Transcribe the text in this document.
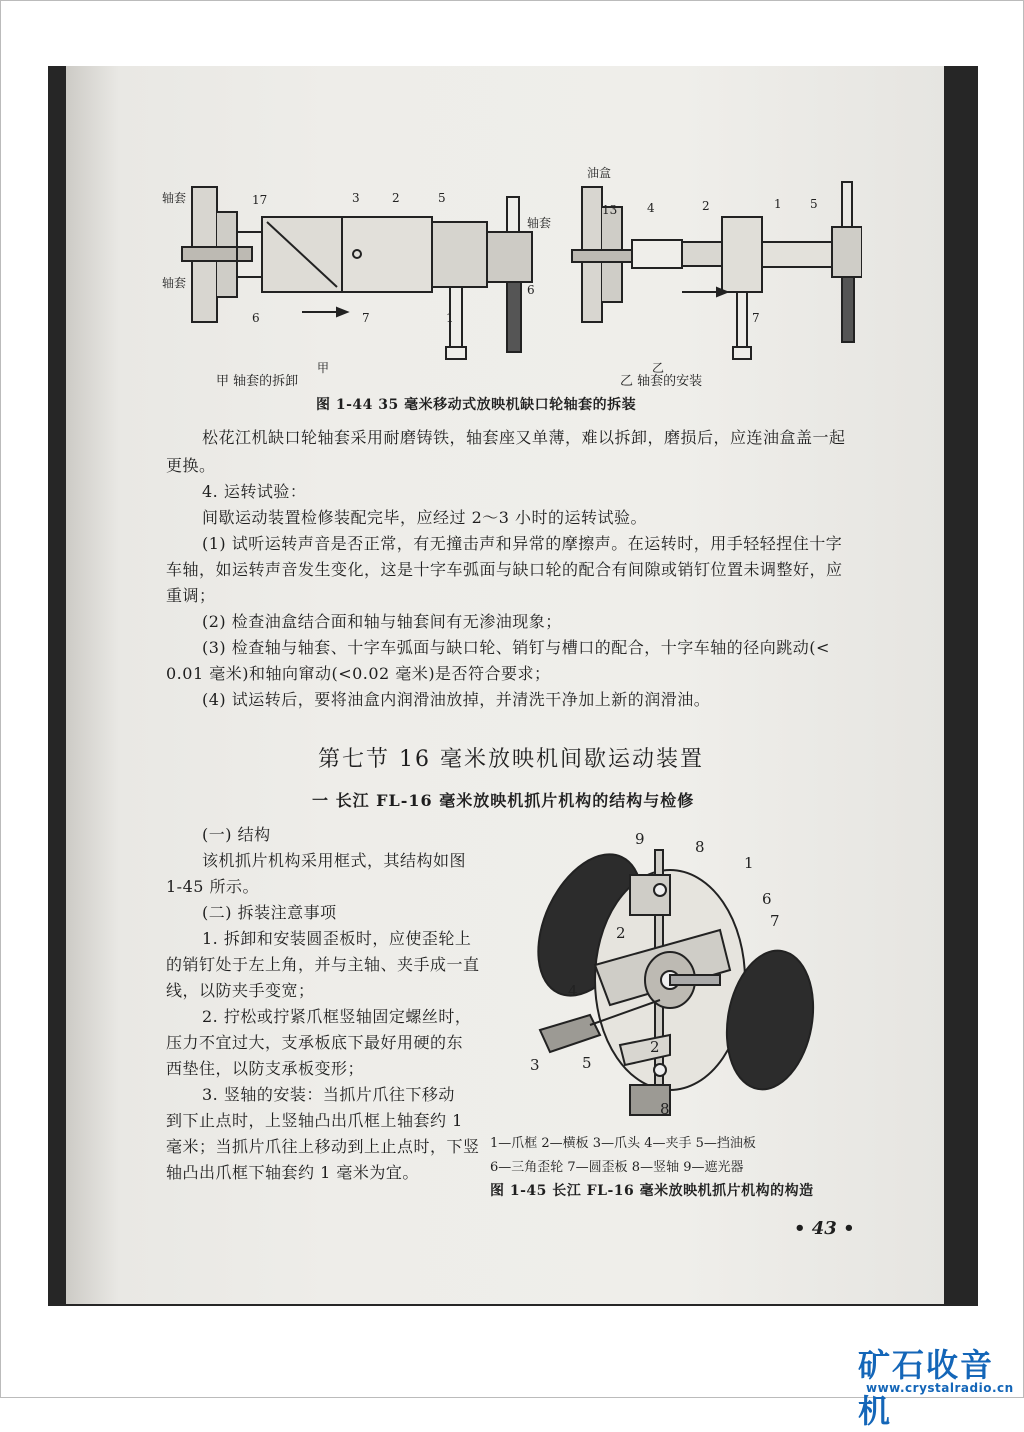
轴套
轴套
17	3	2	5
6	7	1
甲
油盒
轴套
13 4	2	1 5
6
7
乙
甲 轴套的拆卸	乙 轴套的安装
图 1-44 35 毫米移动式放映机缺口轮轴套的拆装
松花江机缺口轮轴套采用耐磨铸铁，轴套座又单薄，难以拆卸，磨损后，应连油盒盖一起
更换。
4. 运转试验：
间歇运动装置检修装配完毕，应经过 2～3 小时的运转试验。
(1) 试听运转声音是否正常，有无撞击声和异常的摩擦声。在运转时，用手轻轻捏住十字
车轴，如运转声音发生变化，这是十字车弧面与缺口轮的配合有间隙或销钉位置未调整好，应
重调；
(2) 检查油盒结合面和轴与轴套间有无渗油现象；
(3) 检查轴与轴套、十字车弧面与缺口轮、销钉与槽口的配合，十字车轴的径向跳动(<
0.01 毫米)和轴向窜动(<0.02 毫米)是否符合要求；
(4) 试运转后，要将油盒内润滑油放掉，并清洗干净加上新的润滑油。
第七节 16 毫米放映机间歇运动装置
一 长江 FL-16 毫米放映机抓片机构的结构与检修
(一) 结构
该机抓片机构采用框式，其结构如图
1-45 所示。
(二) 拆装注意事项
1. 拆卸和安装圆歪板时，应使歪轮上
的销钉处于左上角，并与主轴、夹手成一直
线，以防夹手变宽；
2. 拧松或拧紧爪框竖轴固定螺丝时，
压力不宜过大，支承板底下最好用硬的东
西垫住，以防支承板变形；
3. 竖轴的安装：当抓片爪往下移动
到下止点时，上竖轴凸出爪框上轴套约 1
毫米；当抓片爪往上移动到上止点时，下竖
轴凸出爪框下轴套约 1 毫米为宜。
9	8
1
6
7
2
4
2
3	5
8
1—爪框 2—横板 3—爪头 4—夹手 5—挡油板
6—三角歪轮 7—圆歪板 8—竖轴 9—遮光器
图 1-45 长江 FL-16 毫米放映机抓片机构的构造
• 43 •
矿石收音机
www.crystalradio.cn
